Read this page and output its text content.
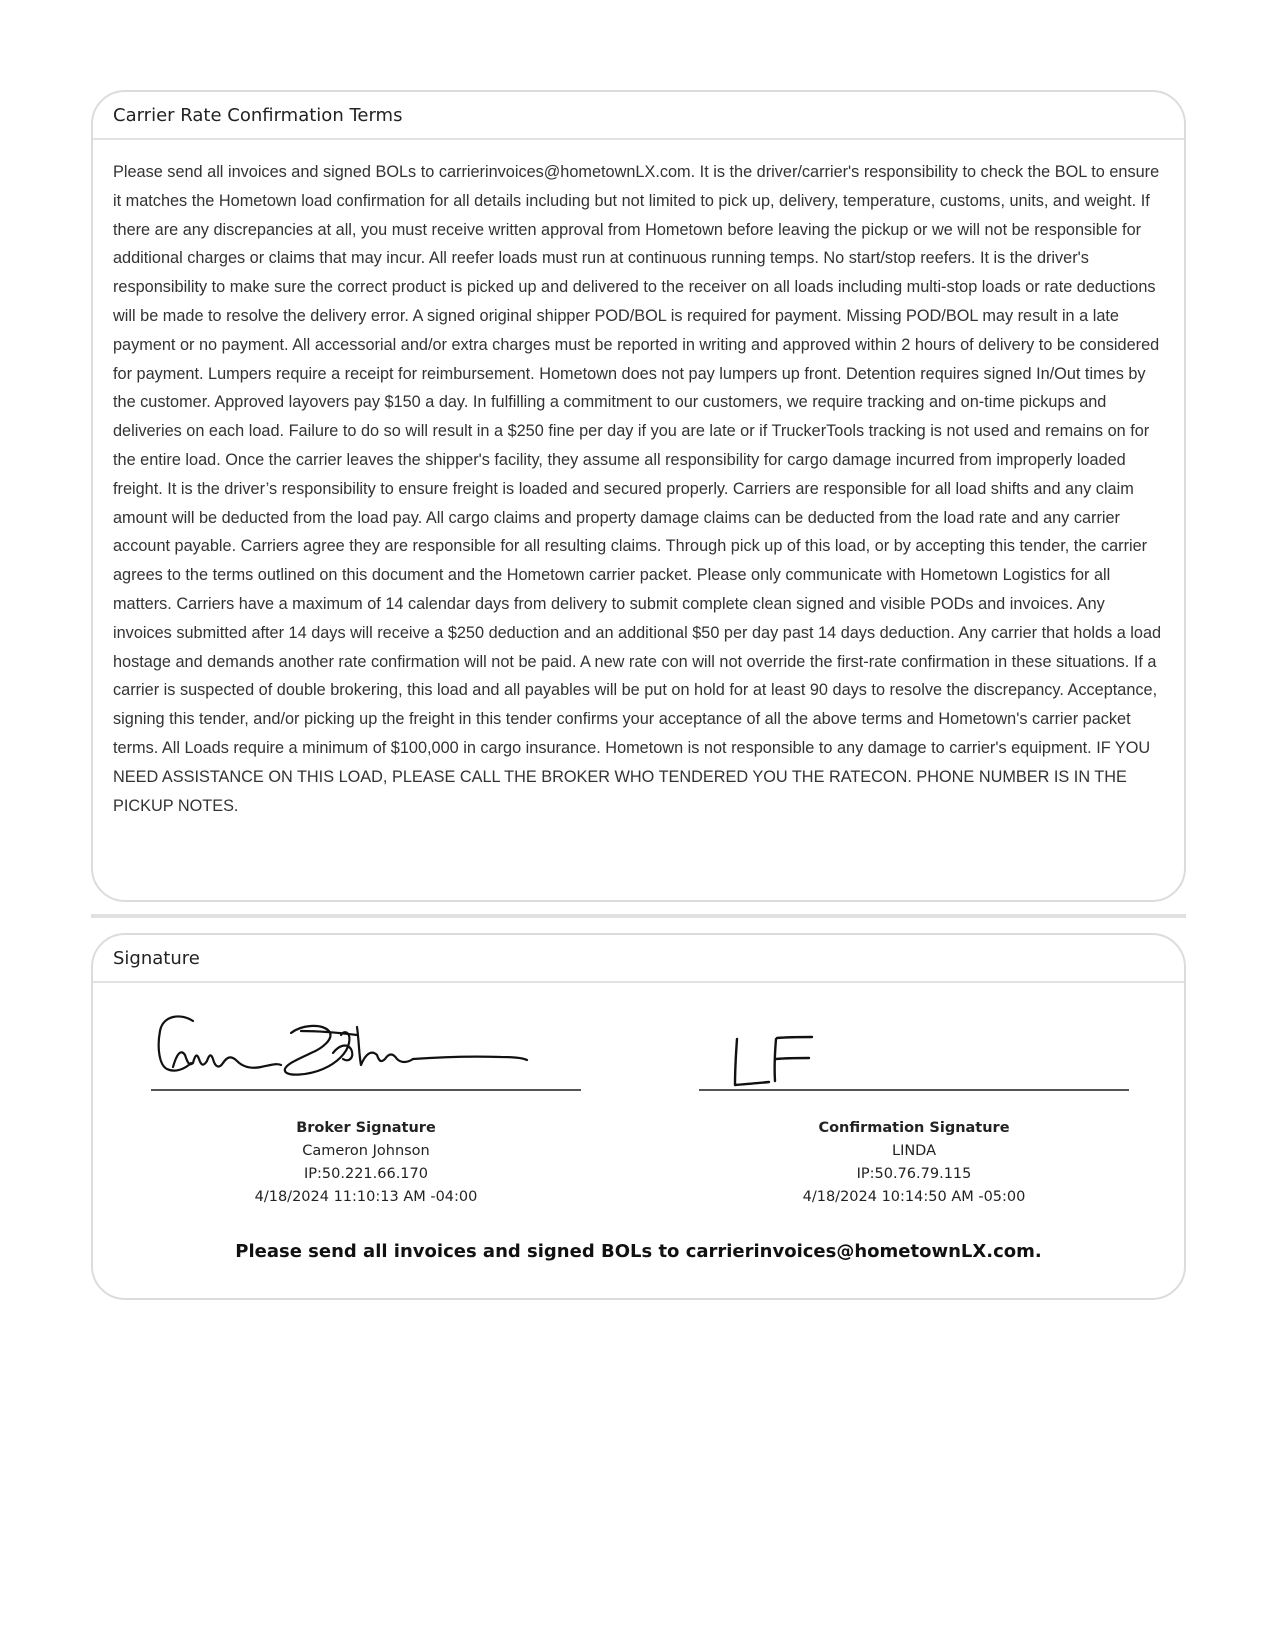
Carrier Rate Confirmation Terms
Please send all invoices and signed BOLs to carrierinvoices@hometownLX.com. It is the driver/carrier's responsibility to check the BOL to ensure it matches the Hometown load confirmation for all details including but not limited to pick up, delivery, temperature, customs, units, and weight. If there are any discrepancies at all, you must receive written approval from Hometown before leaving the pickup or we will not be responsible for additional charges or claims that may incur. All reefer loads must run at continuous running temps. No start/stop reefers. It is the driver's responsibility to make sure the correct product is picked up and delivered to the receiver on all loads including multi-stop loads or rate deductions will be made to resolve the delivery error. A signed original shipper POD/BOL is required for payment. Missing POD/BOL may result in a late payment or no payment. All accessorial and/or extra charges must be reported in writing and approved within 2 hours of delivery to be considered for payment. Lumpers require a receipt for reimbursement. Hometown does not pay lumpers up front. Detention requires signed In/Out times by the customer. Approved layovers pay $150 a day. In fulfilling a commitment to our customers, we require tracking and on-time pickups and deliveries on each load. Failure to do so will result in a $250 fine per day if you are late or if TruckerTools tracking is not used and remains on for the entire load. Once the carrier leaves the shipper's facility, they assume all responsibility for cargo damage incurred from improperly loaded freight. It is the driver’s responsibility to ensure freight is loaded and secured properly. Carriers are responsible for all load shifts and any claim amount will be deducted from the load pay. All cargo claims and property damage claims can be deducted from the load rate and any carrier account payable. Carriers agree they are responsible for all resulting claims. Through pick up of this load, or by accepting this tender, the carrier agrees to the terms outlined on this document and the Hometown carrier packet. Please only communicate with Hometown Logistics for all matters. Carriers have a maximum of 14 calendar days from delivery to submit complete clean signed and visible PODs and invoices. Any invoices submitted after 14 days will receive a $250 deduction and an additional $50 per day past 14 days deduction. Any carrier that holds a load hostage and demands another rate confirmation will not be paid. A new rate con will not override the first-rate confirmation in these situations. If a carrier is suspected of double brokering, this load and all payables will be put on hold for at least 90 days to resolve the discrepancy. Acceptance, signing this tender, and/or picking up the freight in this tender confirms your acceptance of all the above terms and Hometown's carrier packet terms. All Loads require a minimum of $100,000 in cargo insurance. Hometown is not responsible to any damage to carrier's equipment. IF YOU NEED ASSISTANCE ON THIS LOAD, PLEASE CALL THE BROKER WHO TENDERED YOU THE RATECON. PHONE NUMBER IS IN THE PICKUP NOTES.
Signature
Broker Signature
Cameron Johnson
IP:50.221.66.170
4/18/2024 11:10:13 AM -04:00
Confirmation Signature
LINDA
IP:50.76.79.115
4/18/2024 10:14:50 AM -05:00
Please send all invoices and signed BOLs to carrierinvoices@hometownLX.com.
